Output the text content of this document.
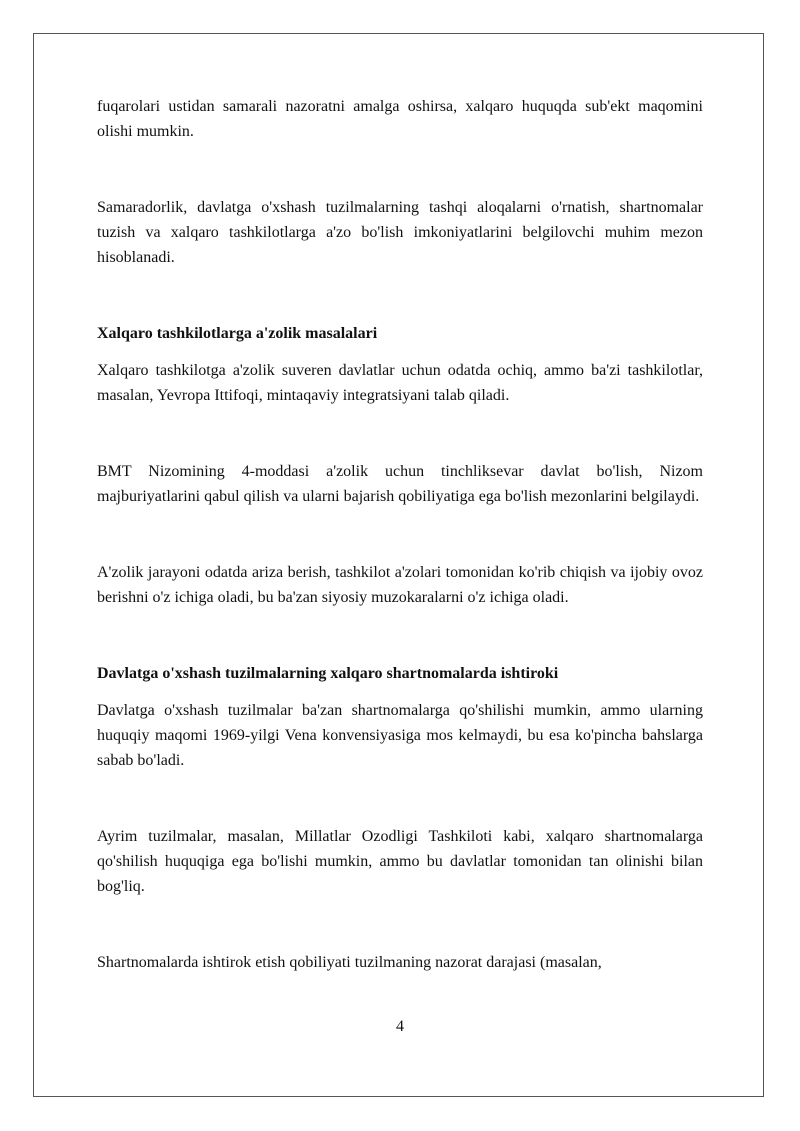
fuqarolari ustidan samarali nazoratni amalga oshirsa, xalqaro huquqda sub'ekt maqomini olishi mumkin.

Samaradorlik, davlatga o'xshash tuzilmalarning tashqi aloqalarni o'rnatish, shartnomalar tuzish va xalqaro tashkilotlarga a'zo bo'lish imkoniyatlarini belgilovchi muhim mezon hisoblanadi.

Xalqaro tashkilotlarga a'zolik masalalari

Xalqaro tashkilotga a'zolik suveren davlatlar uchun odatda ochiq, ammo ba'zi tashkilotlar, masalan, Yevropa Ittifoqi, mintaqaviy integratsiyani talab qiladi.

BMT Nizomining 4-moddasi a'zolik uchun tinchliksevar davlat bo'lish, Nizom majburiyatlarini qabul qilish va ularni bajarish qobiliyatiga ega bo'lish mezonlarini belgilaydi.

A'zolik jarayoni odatda ariza berish, tashkilot a'zolari tomonidan ko'rib chiqish va ijobiy ovoz berishni o'z ichiga oladi, bu ba'zan siyosiy muzokaralarni o'z ichiga oladi.

Davlatga o'xshash tuzilmalarning xalqaro shartnomalarda ishtiroki

Davlatga o'xshash tuzilmalar ba'zan shartnomalarga qo'shilishi mumkin, ammo ularning huquqiy maqomi 1969-yilgi Vena konvensiyasiga mos kelmaydi, bu esa ko'pincha bahslarga sabab bo'ladi.

Ayrim tuzilmalar, masalan, Millatlar Ozodligi Tashkiloti kabi, xalqaro shartnomalarga qo'shilish huquqiga ega bo'lishi mumkin, ammo bu davlatlar tomonidan tan olinishi bilan bog'liq.

Shartnomalarda ishtirok etish qobiliyati tuzilmaning nazorat darajasi (masalan,

4
